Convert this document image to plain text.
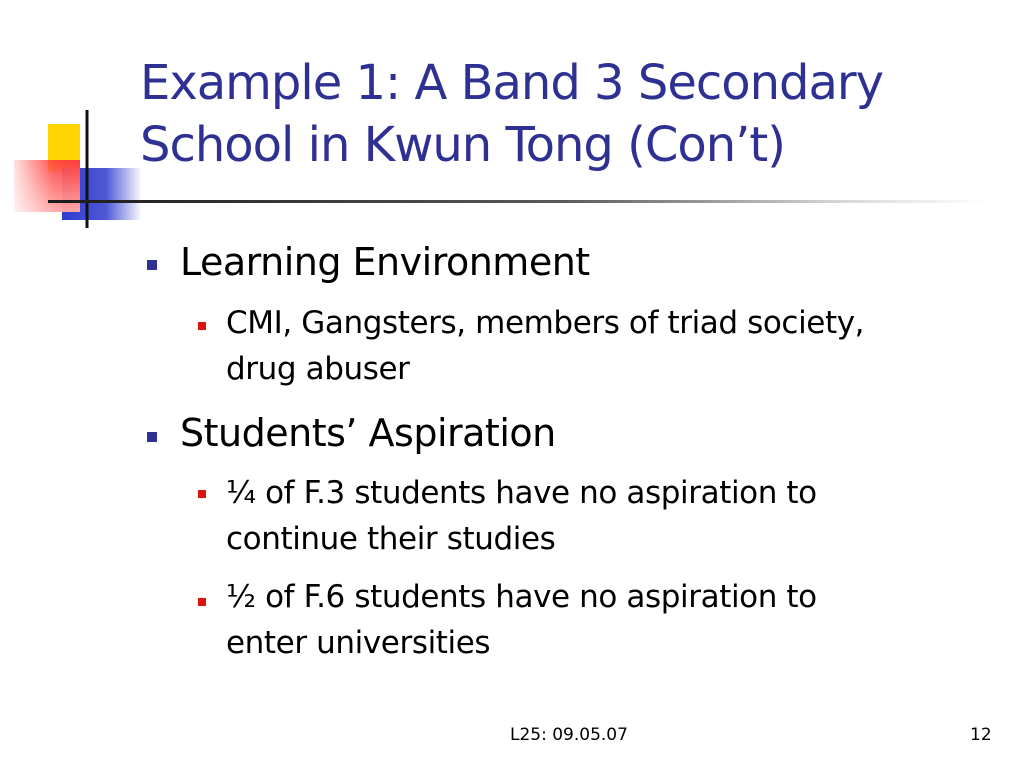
Example 1: A Band 3 Secondary
School in Kwun Tong (Con’t)
Learning Environment
CMI, Gangsters, members of triad society,
drug abuser
Students’ Aspiration
¼ of F.3 students have no aspiration to
continue their studies
½ of F.6 students have no aspiration to
enter universities
L25: 09.05.07	12
